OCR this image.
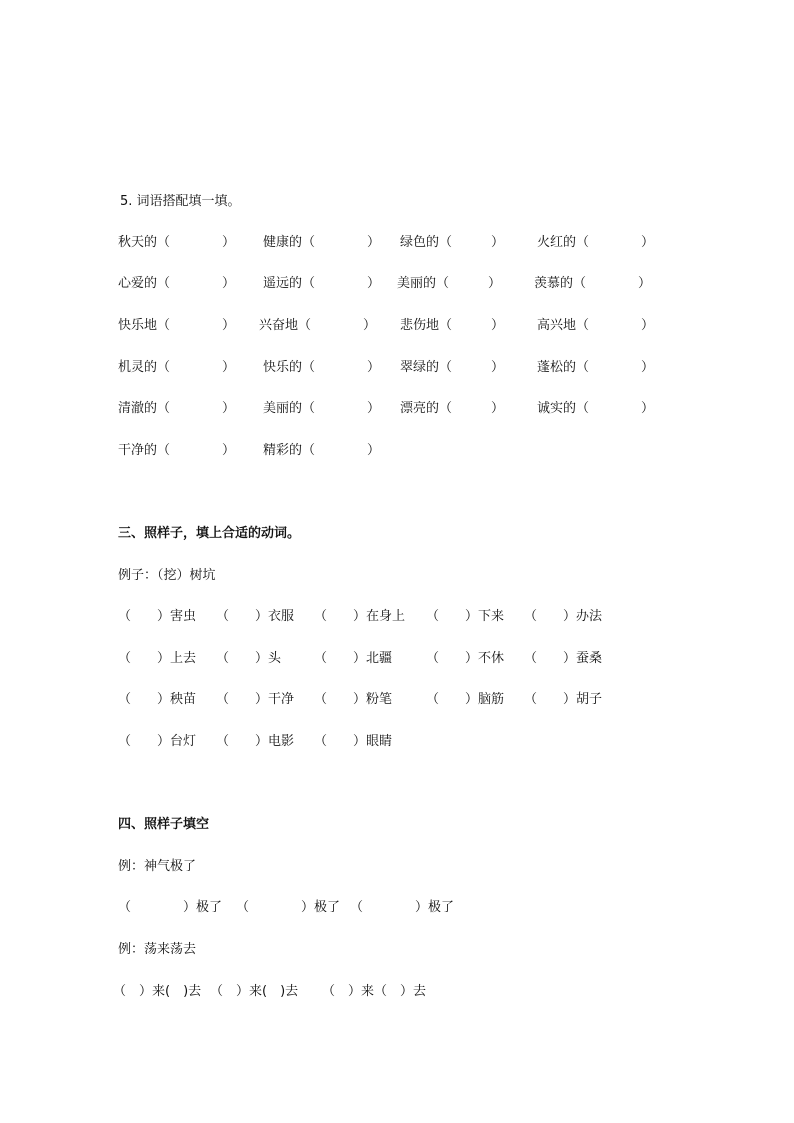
5. 词语搭配填一填。
秋天的（　　　　） 健康的（　　　　） 绿色的（　　　）	火红的（　　　　）
心爱的（　　　　） 遥远的（　　　　） 美丽的（　　　）	羡慕的（　　　　）
快乐地（　　　　） 兴奋地（　　　　） 悲伤地（　　　）	高兴地（　　　　）
机灵的（　　　　） 快乐的（　　　　） 翠绿的（　　　）	蓬松的（　　　　）
清澈的（　　　　） 美丽的（　　　　） 漂亮的（　　　）	诚实的（　　　　）
干净的（　　　　） 精彩的（　　　　）
三、照样子，填上合适的动词。
例子：（挖）树坑
（　　）害虫 （　　）衣服 （　　）在身上 （　　）下来 （　　）办法
（　　）上去 （　　）头	（　　）北疆	（　　）不休 （　　）蚕桑
（　　）秧苗 （　　）干净 （　　）粉笔	（　　）脑筋 （　　）胡子
（　　）台灯 （　　）电影 （　　）眼睛
四、照样子填空
例：神气极了
（　　　　）极了 （　　　　）极了 （　　　　）极了
例：荡来荡去
（　）来(　)去 （　）来(　)去 （　）来（　）去
